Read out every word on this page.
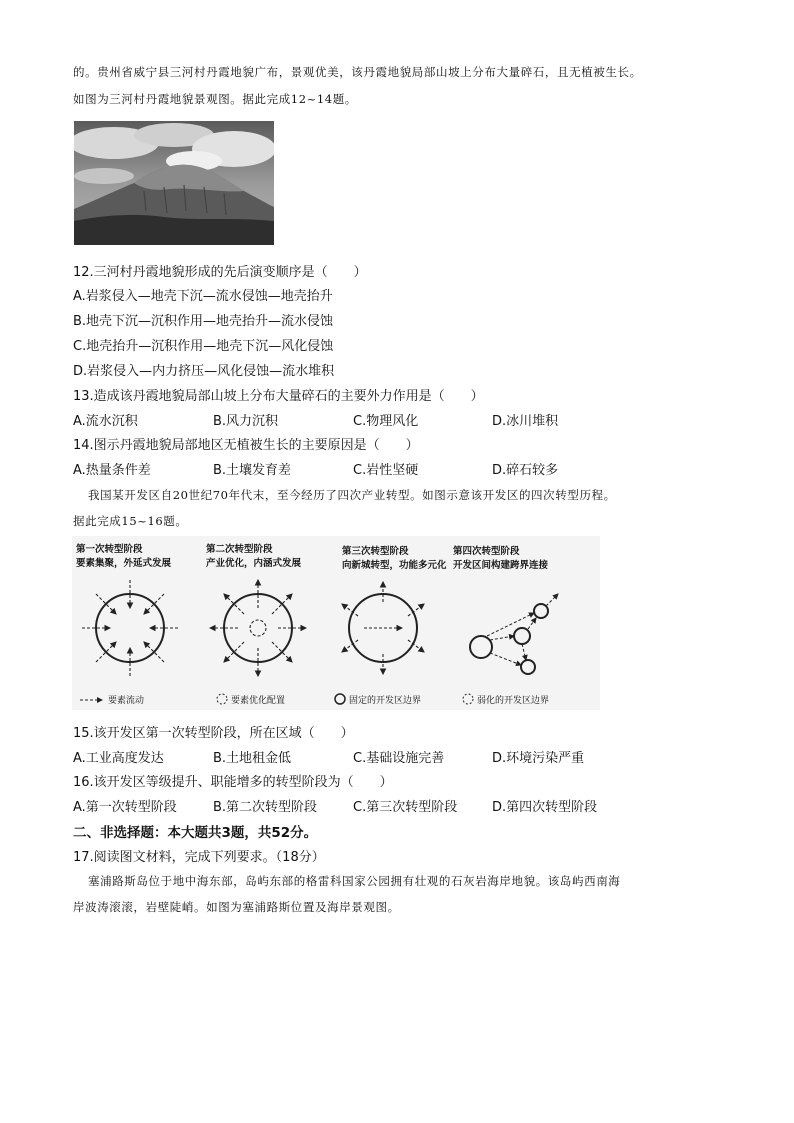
的。贵州省威宁县三河村丹霞地貌广布，景观优美，该丹霞地貌局部山坡上分布大量碎石，且无植被生长。
如图为三河村丹霞地貌景观图。据此完成12~14题。
12.三河村丹霞地貌形成的先后演变顺序是（　　）
A.岩浆侵入—地壳下沉—流水侵蚀—地壳抬升
B.地壳下沉—沉积作用—地壳抬升—流水侵蚀
C.地壳抬升—沉积作用—地壳下沉—风化侵蚀
D.岩浆侵入—内力挤压—风化侵蚀—流水堆积
13.造成该丹霞地貌局部山坡上分布大量碎石的主要外力作用是（　　）
A.流水沉积	B.风力沉积	C.物理风化	D.冰川堆积
14.图示丹霞地貌局部地区无植被生长的主要原因是（　　）
A.热量条件差	B.土壤发育差	C.岩性坚硬	D.碎石较多
我国某开发区自20世纪70年代末，至今经历了四次产业转型。如图示意该开发区的四次转型历程。
据此完成15~16题。
第一次转型阶段
要素集聚，外延式发展
第二次转型阶段
产业优化，内涵式发展
第三次转型阶段
向新城转型，功能多元化
第四次转型阶段
开发区间构建跨界连接
要素流动	要素优化配置	固定的开发区边界	弱化的开发区边界
15.该开发区第一次转型阶段，所在区域（　　）
A.工业高度发达	B.土地租金低	C.基础设施完善	D.环境污染严重
16.该开发区等级提升、职能增多的转型阶段为（　　）
A.第一次转型阶段	B.第二次转型阶段	C.第三次转型阶段	D.第四次转型阶段
二、非选择题：本大题共3题，共52分。
17.阅读图文材料，完成下列要求。（18分）
塞浦路斯岛位于地中海东部，岛屿东部的格雷科国家公园拥有壮观的石灰岩海岸地貌。该岛屿西南海
岸波涛滚滚，岩壁陡峭。如图为塞浦路斯位置及海岸景观图。
